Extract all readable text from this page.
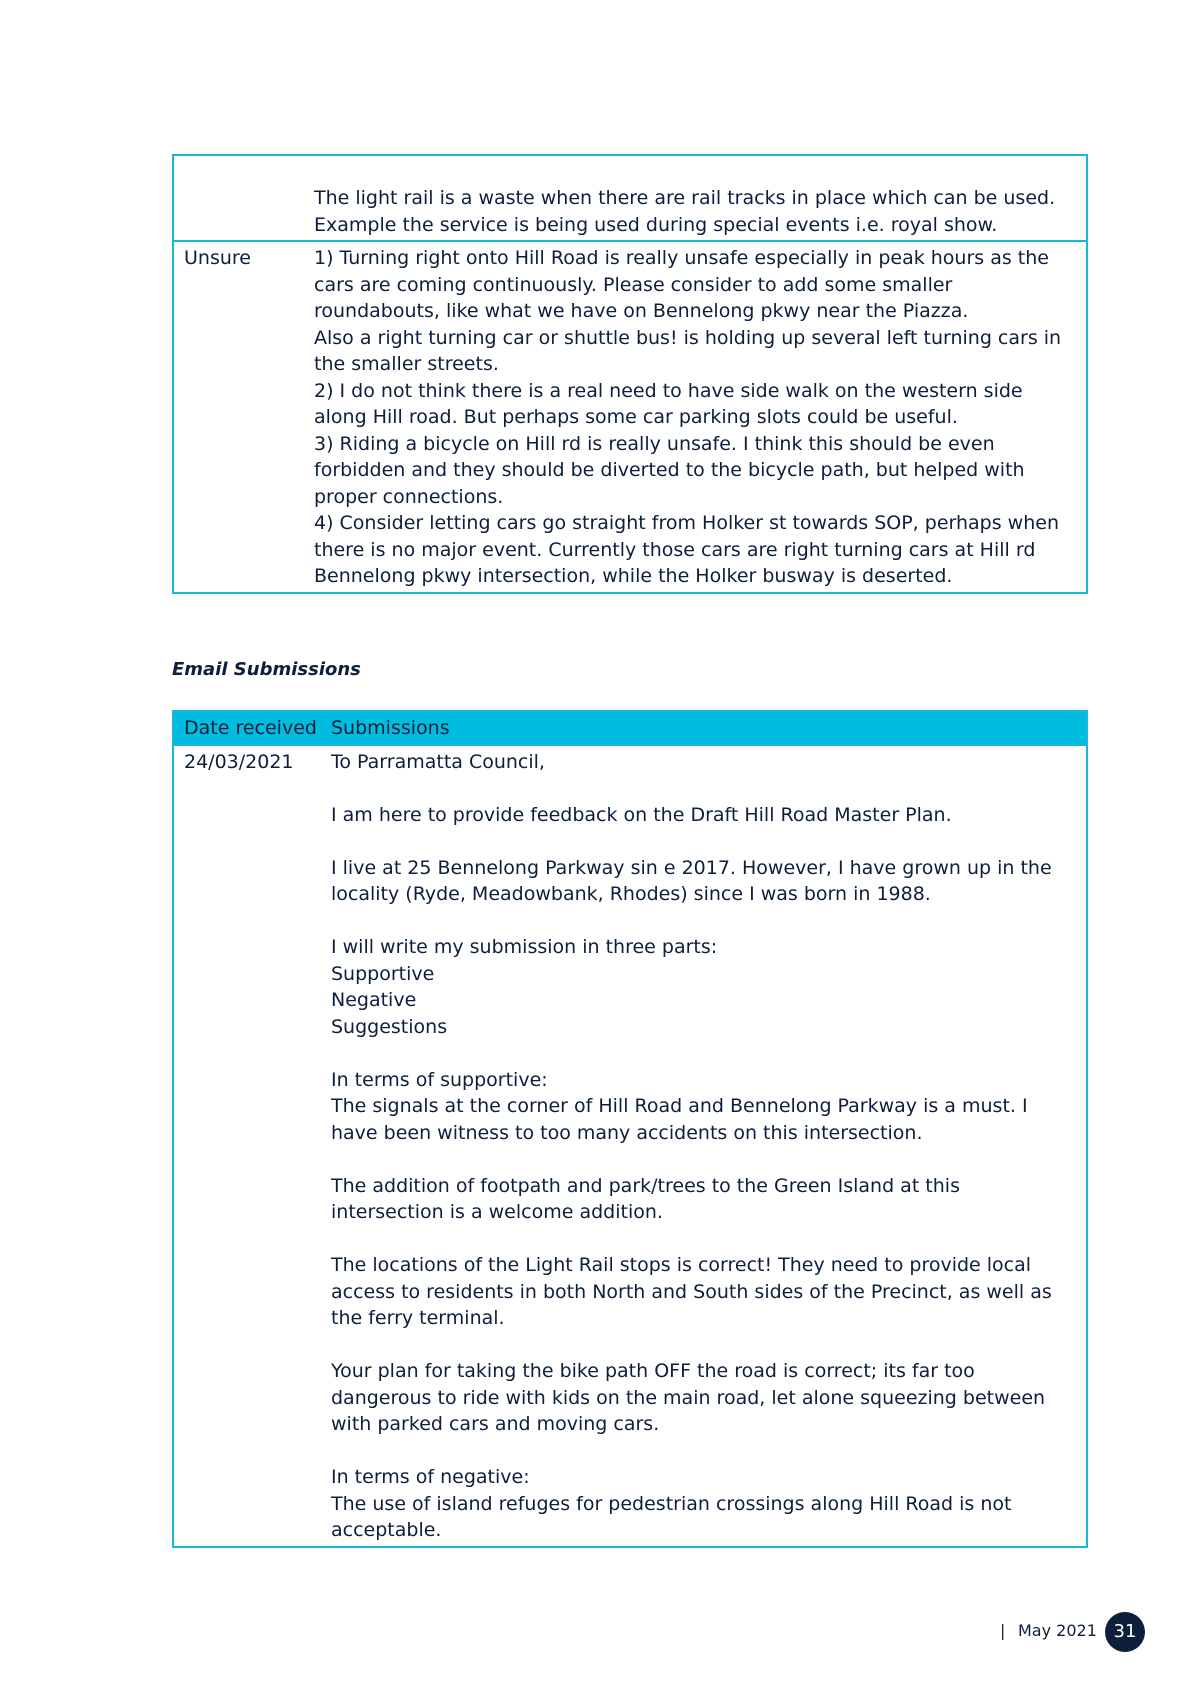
The light rail is a waste when there are rail tracks in place which can be used.

Example the service is being used during special events i.e. royal show.

Unsure	1) Turning right onto Hill Road is really unsafe especially in peak hours as the cars are coming continuously. Please consider to add some smaller roundabouts, like what we have on Bennelong pkwy near the Piazza.

Also a right turning car or shuttle bus! is holding up several left turning cars in the smaller streets.

2) I do not think there is a real need to have side walk on the western side along Hill road. But perhaps some car parking slots could be useful.

3) Riding a bicycle on Hill rd is really unsafe. I think this should be even forbidden and they should be diverted to the bicycle path, but helped with proper connections.

4) Consider letting cars go straight from Holker st towards SOP, perhaps when there is no major event. Currently those cars are right turning cars at Hill rd Bennelong pkwy intersection, while the Holker busway is deserted.

Email Submissions
Date received Submissions
24/03/2021	To Parramatta Council,

I am here to provide feedback on the Draft Hill Road Master Plan.

I live at 25 Bennelong Parkway sin e 2017. However, I have grown up in the locality (Ryde, Meadowbank, Rhodes) since I was born in 1988.

I will write my submission in three parts:

Supportive

Negative

Suggestions

In terms of supportive:

The signals at the corner of Hill Road and Bennelong Parkway is a must. I have been witness to too many accidents on this intersection.

The addition of footpath and park/trees to the Green Island at this intersection is a welcome addition.

The locations of the Light Rail stops is correct! They need to provide local access to residents in both North and South sides of the Precinct, as well as the ferry terminal.

Your plan for taking the bike path OFF the road is correct; its far too dangerous to ride with kids on the main road, let alone squeezing between with parked cars and moving cars.

In terms of negative:

The use of island refuges for pedestrian crossings along Hill Road is not acceptable.

| May 2021 31
